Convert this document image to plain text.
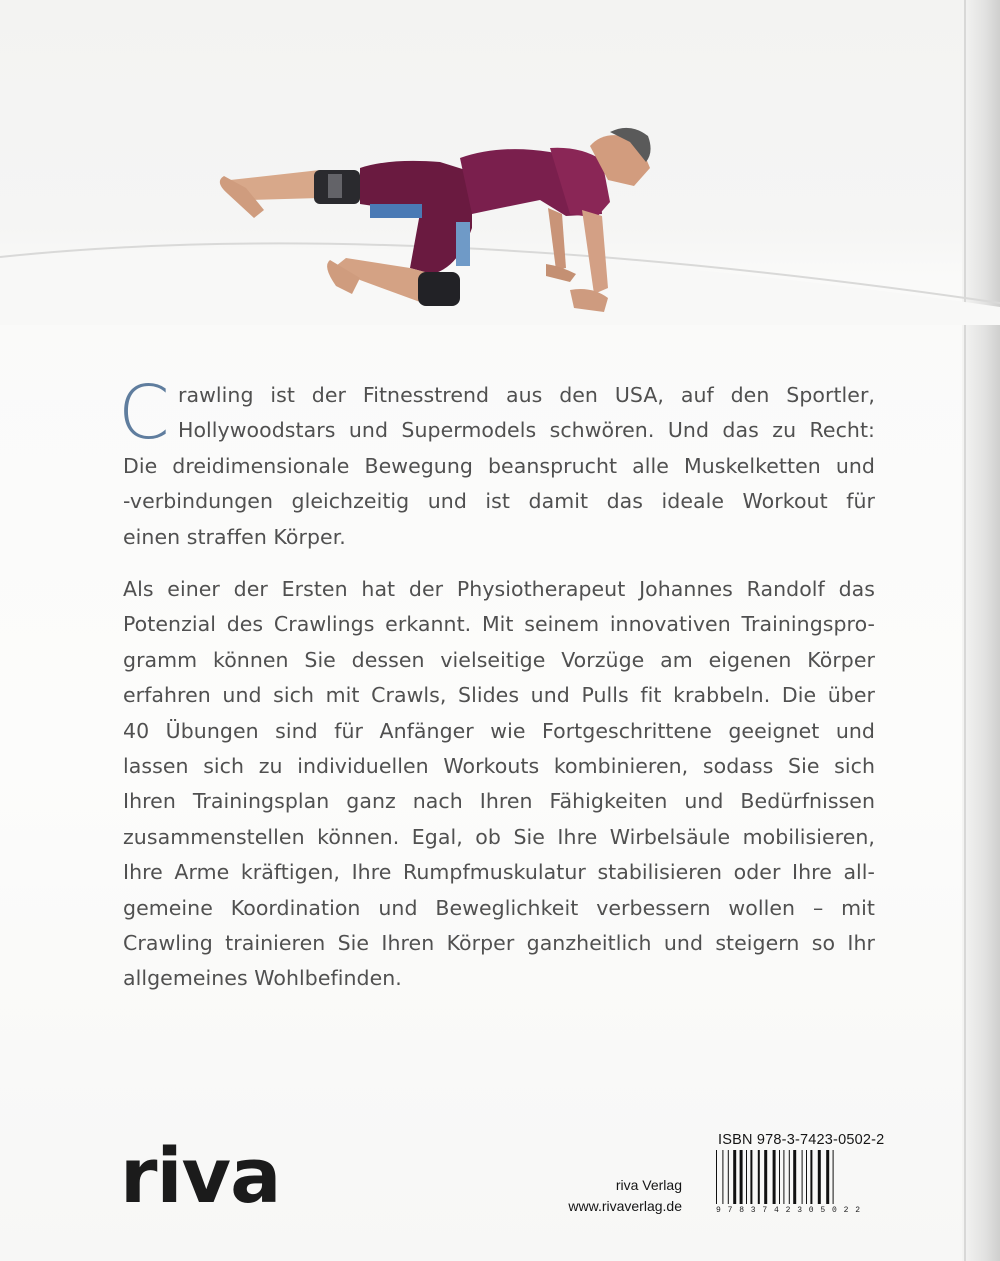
C rawling ist der Fitnesstrend aus den USA, auf den Sportler,
Hollywoodstars und Supermodels schwören. Und das zu Recht:
Die dreidimensionale Bewegung beansprucht alle Muskelketten und
-verbindungen gleichzeitig und ist damit das ideale Workout für
einen straffen Körper.
Als einer der Ersten hat der Physiotherapeut Johannes Randolf das
Potenzial des Crawlings erkannt. Mit seinem innovativen Trainingspro-
gramm können Sie dessen vielseitige Vorzüge am eigenen Körper
erfahren und sich mit Crawls, Slides und Pulls fit krabbeln. Die über
40 Übungen sind für Anfänger wie Fortgeschrittene geeignet und
lassen sich zu individuellen Workouts kombinieren, sodass Sie sich
Ihren Trainingsplan ganz nach Ihren Fähigkeiten und Bedürfnissen
zusammenstellen können. Egal, ob Sie Ihre Wirbelsäule mobilisieren,
Ihre Arme kräftigen, Ihre Rumpfmuskulatur stabilisieren oder Ihre all-
gemeine Koordination und Beweglichkeit verbessern wollen – mit
Crawling trainieren Sie Ihren Körper ganzheitlich und steigern so Ihr
allgemeines Wohlbefinden.
riva	riva Verlag
www.rivaverlag.de
ISBN 978-3-7423-0502-2
9783742305022
